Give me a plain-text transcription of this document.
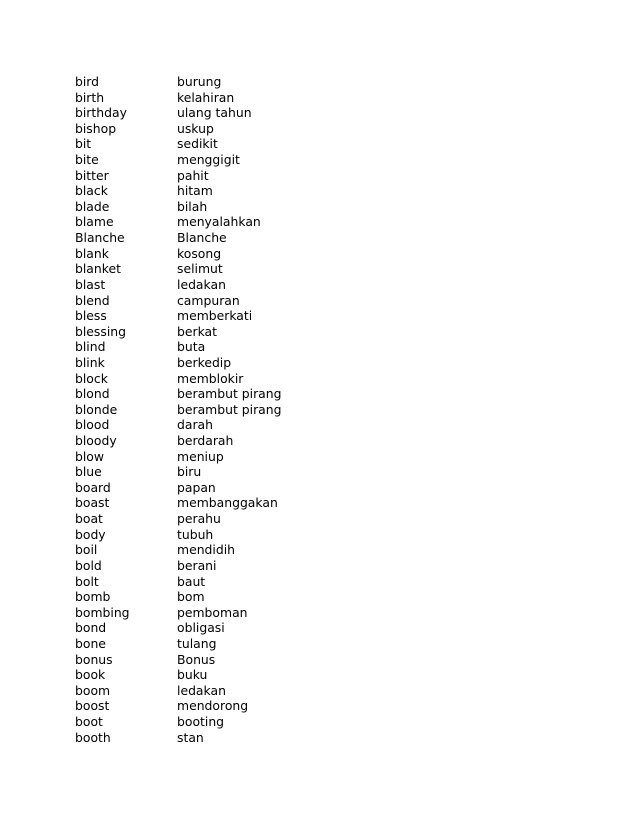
bird	burung
birth	kelahiran
birthday	ulang tahun
bishop	uskup
bit	sedikit
bite	menggigit
bitter	pahit
black	hitam
blade	bilah
blame	menyalahkan
Blanche	Blanche
blank	kosong
blanket	selimut
blast	ledakan
blend	campuran
bless	memberkati
blessing	berkat
blind	buta
blink	berkedip
block	memblokir
blond	berambut pirang
blonde	berambut pirang
blood	darah
bloody	berdarah
blow	meniup
blue	biru
board	papan
boast	membanggakan
boat	perahu
body	tubuh
boil	mendidih
bold	berani
bolt	baut
bomb	bom
bombing	pemboman
bond	obligasi
bone	tulang
bonus	Bonus
book	buku
boom	ledakan
boost	mendorong
boot	booting
booth	stan
